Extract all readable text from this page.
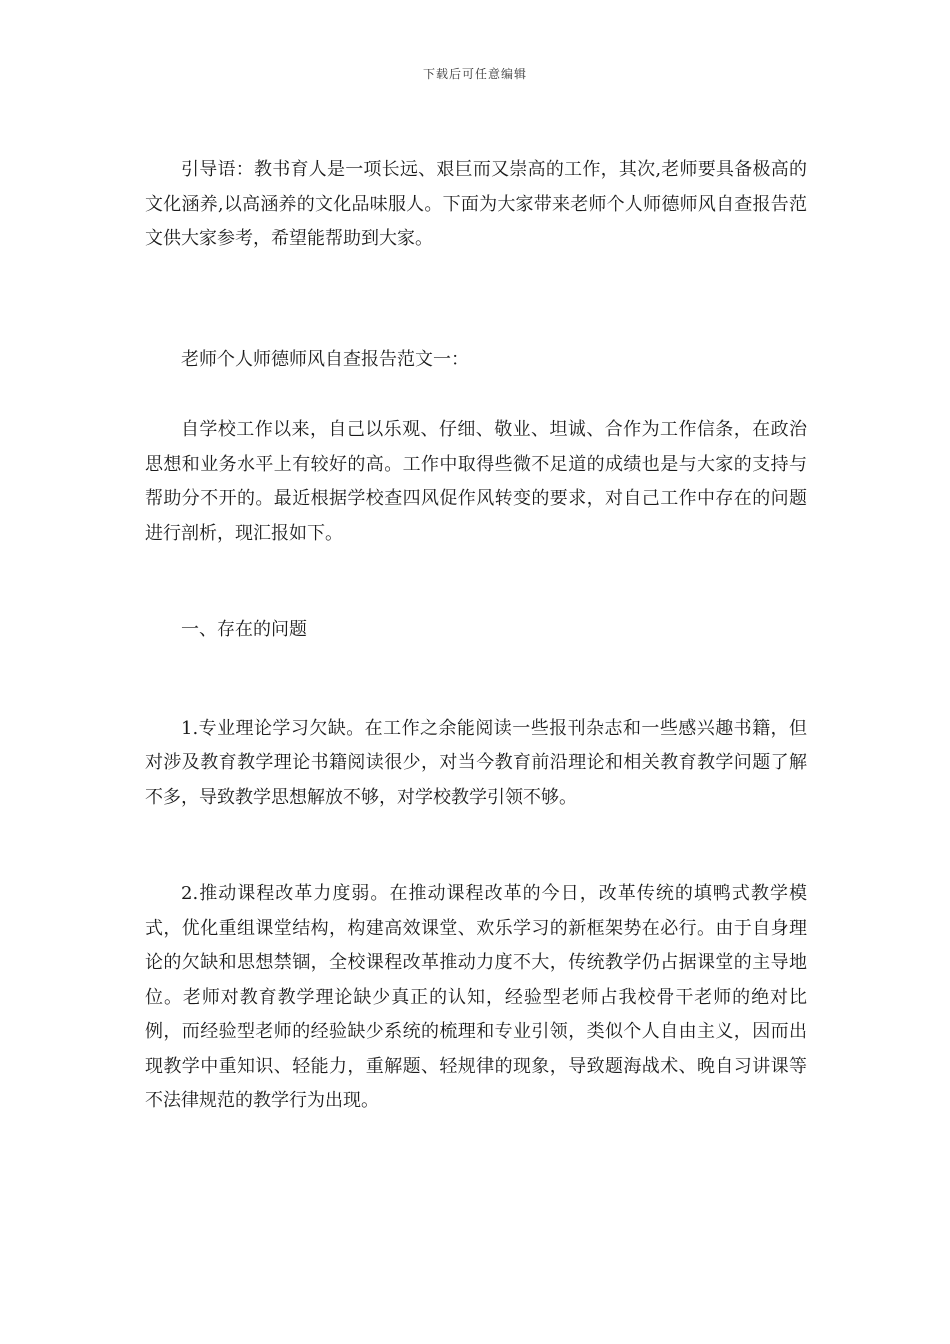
下载后可任意编辑

引导语：教书育人是一项长远、艰巨而又崇高的工作，其次,老师要具备极高的文化涵养,以高涵养的文化品味服人。下面为大家带来老师个人师德师风自查报告范文供大家参考，希望能帮助到大家。

老师个人师德师风自查报告范文一：

自学校工作以来，自己以乐观、仔细、敬业、坦诚、合作为工作信条，在政治思想和业务水平上有较好的高。工作中取得些微不足道的成绩也是与大家的支持与帮助分不开的。最近根据学校查四风促作风转变的要求，对自己工作中存在的问题进行剖析，现汇报如下。

一、存在的问题

1.专业理论学习欠缺。在工作之余能阅读一些报刊杂志和一些感兴趣书籍，但对涉及教育教学理论书籍阅读很少，对当今教育前沿理论和相关教育教学问题了解不多，导致教学思想解放不够，对学校教学引领不够。

2.推动课程改革力度弱。在推动课程改革的今日，改革传统的填鸭式教学模式，优化重组课堂结构，构建高效课堂、欢乐学习的新框架势在必行。由于自身理论的欠缺和思想禁锢，全校课程改革推动力度不大，传统教学仍占据课堂的主导地位。老师对教育教学理论缺少真正的认知，经验型老师占我校骨干老师的绝对比例，而经验型老师的经验缺少系统的梳理和专业引领，类似个人自由主义，因而出现教学中重知识、轻能力，重解题、轻规律的现象，导致题海战术、晚自习讲课等不法律规范的教学行为出现。
